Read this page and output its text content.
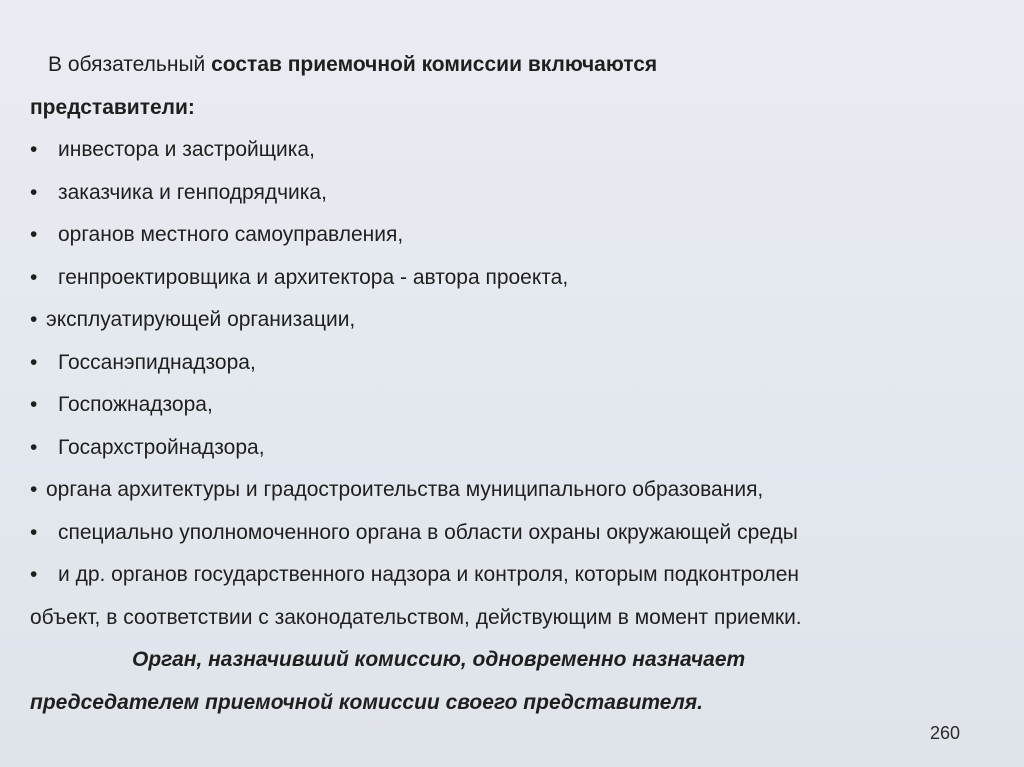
В обязательный состав приемочной комиссии включаются
представители:
• инвестора и застройщика,
• заказчика и генподрядчика,
• органов местного самоуправления,
• генпроектировщика и архитектора - автора проекта,
• эксплуатирующей организации,
• Госсанэпиднадзора,
• Госпожнадзора,
• Госархстройнадзора,
• органа архитектуры и градостроительства муниципального образования,
• специально уполномоченного органа в области охраны окружающей среды
• и др. органов государственного надзора и контроля, которым подконтролен
объект, в соответствии с законодательством, действующим в момент приемки.
Орган, назначивший комиссию, одновременно назначает
председателем приемочной комиссии своего представителя.
260
